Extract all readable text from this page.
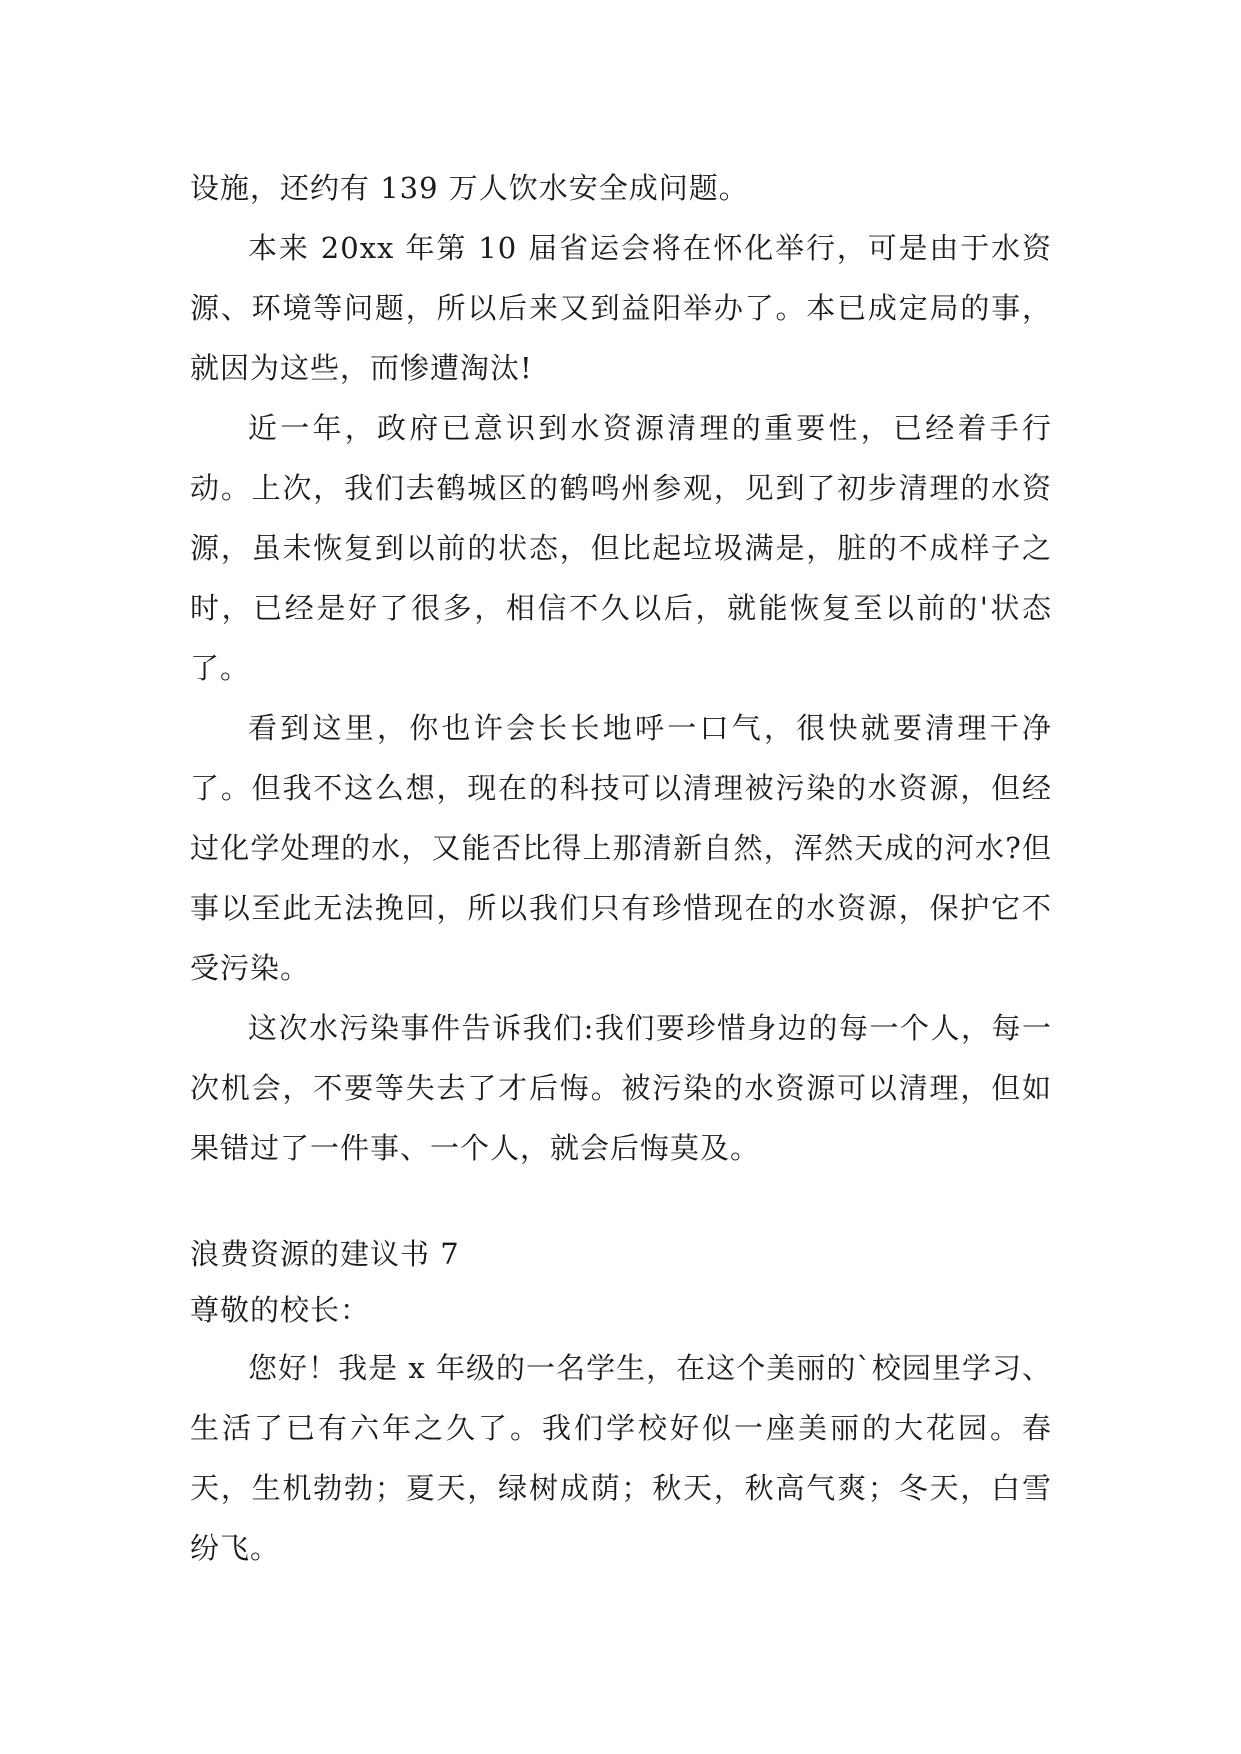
设施，还约有 139 万人饮水安全成问题。

本来 20xx 年第 10 届省运会将在怀化举行，可是由于水资源、环境等问题，所以后来又到益阳举办了。本已成定局的事，就因为这些，而惨遭淘汰!

近一年，政府已意识到水资源清理的重要性，已经着手行动。上次，我们去鹤城区的鹤鸣州参观，见到了初步清理的水资源，虽未恢复到以前的状态，但比起垃圾满是，脏的不成样子之时，已经是好了很多，相信不久以后，就能恢复至以前的'状态了。

看到这里，你也许会长长地呼一口气，很快就要清理干净了。但我不这么想，现在的科技可以清理被污染的水资源，但经过化学处理的水，又能否比得上那清新自然，浑然天成的河水?但事以至此无法挽回，所以我们只有珍惜现在的水资源，保护它不受污染。

这次水污染事件告诉我们:我们要珍惜身边的每一个人，每一次机会，不要等失去了才后悔。被污染的水资源可以清理，但如果错过了一件事、一个人，就会后悔莫及。

浪费资源的建议书 7

尊敬的校长：

您好！我是 x 年级的一名学生，在这个美丽的`校园里学习、生活了已有六年之久了。我们学校好似一座美丽的大花园。春天，生机勃勃；夏天，绿树成荫；秋天，秋高气爽；冬天，白雪纷飞。
